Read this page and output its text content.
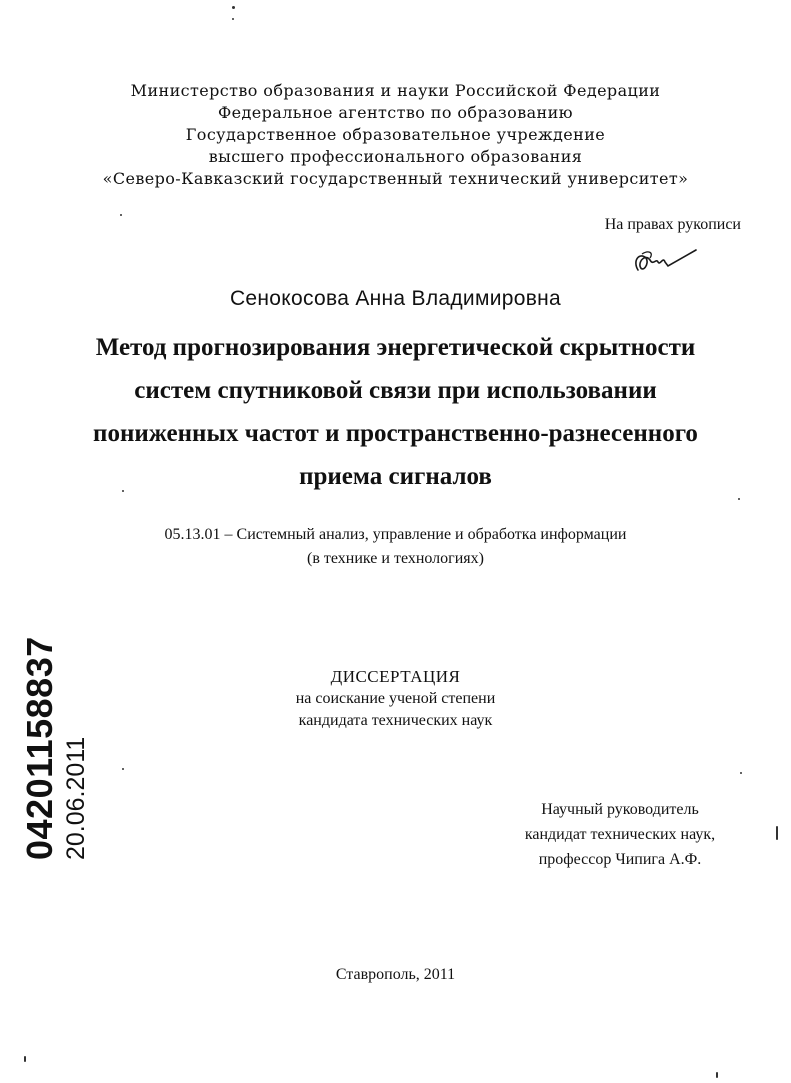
Министерство образования и науки Российской Федерации
Федеральное агентство по образованию
Государственное образовательное учреждение
высшего профессионального образования
«Северо-Кавказский государственный технический университет»
На правах рукописи
Сенокосова Анна Владимировна
Метод прогнозирования энергетической скрытности
систем спутниковой связи при использовании
пониженных частот и пространственно-разнесенного
приема сигналов
05.13.01 – Системный анализ, управление и обработка информации
(в технике и технологиях)
ДИССЕРТАЦИЯ
на соискание ученой степени
кандидата технических наук
Научный руководитель
кандидат технических наук,
профессор Чипига А.Ф.
Ставрополь, 2011
04201158837 20.06.2011
